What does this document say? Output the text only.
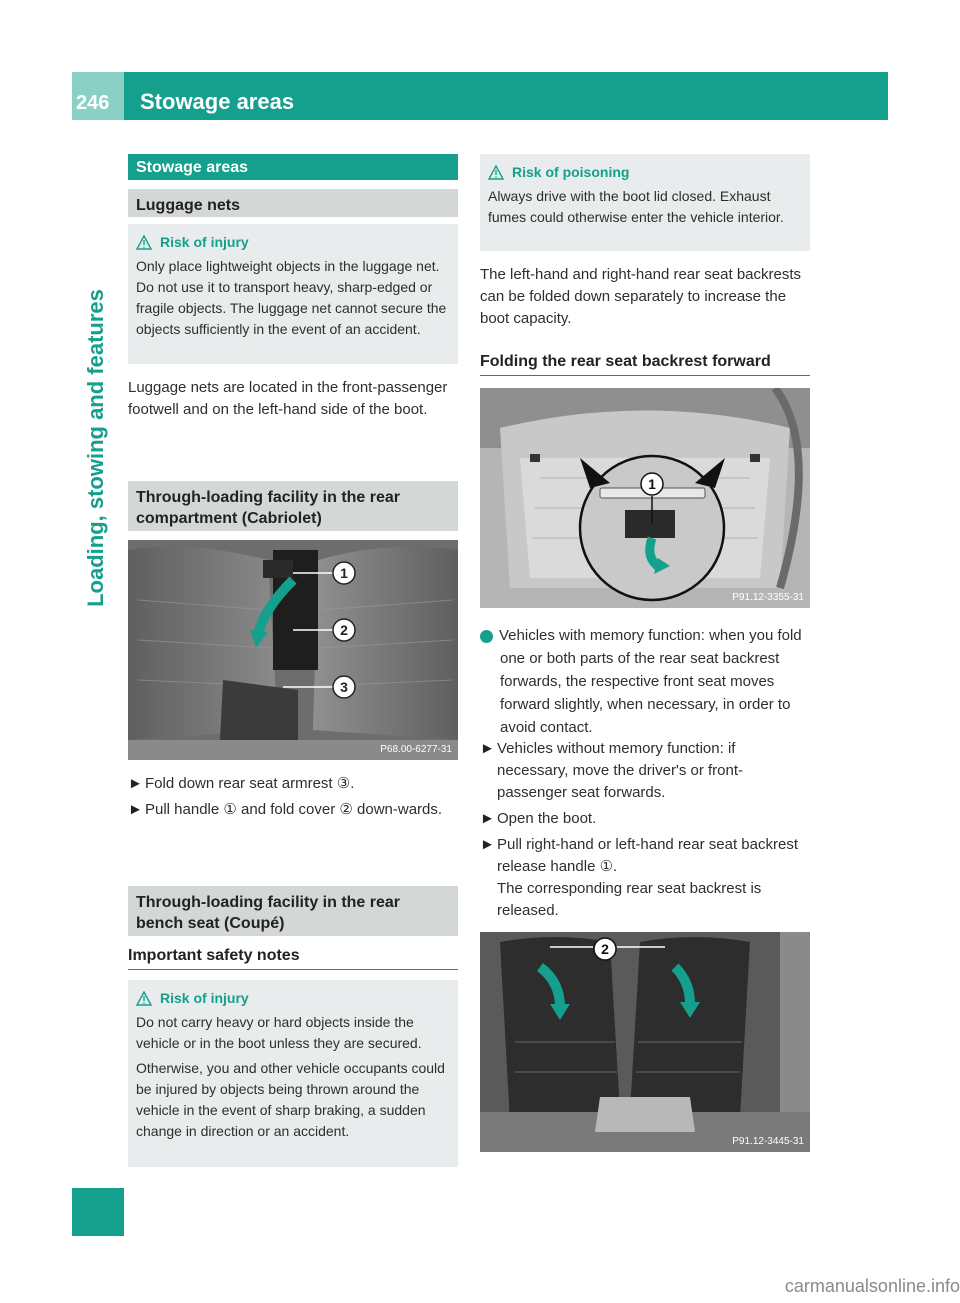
246 Stowage areas
Loading, stowing and features
Stowage areas
Luggage nets
Risk of injury

Only place lightweight objects in the luggage net. Do not use it to transport heavy, sharp-edged or fragile objects. The luggage net cannot secure the objects sufficiently in the event of an accident.

Luggage nets are located in the front-passenger footwell and on the left-hand side of the boot.
Through-loading facility in the rear compartment (Cabriolet)
1
2
3
P68.00-6277-31
► Fold down rear seat armrest ③.
► Pull handle ① and fold cover ② down-wards.
Through-loading facility in the rear bench seat (Coupé)
Important safety notes
Risk of injury

Do not carry heavy or hard objects inside the vehicle or in the boot unless they are secured.

Otherwise, you and other vehicle occupants could be injured by objects being thrown around the vehicle in the event of sharp braking, a sudden change in direction or an accident.

Risk of poisoning

Always drive with the boot lid closed. Exhaust fumes could otherwise enter the vehicle interior.

The left-hand and right-hand rear seat backrests can be folded down separately to increase the boot capacity.
Folding the rear seat backrest forward
1
P91.12-3355-31
i Vehicles with memory function: when you fold one or both parts of the rear seat backrest forwards, the respective front seat moves forward slightly, when necessary, in order to avoid contact.
► Vehicles without memory function: if necessary, move the driver's or front-passenger seat forwards.
► Open the boot.
► Pull right-hand or left-hand rear seat backrest release handle ①.
The corresponding rear seat backrest is released.
2
P91.12-3445-31
carmanualsonline.info
